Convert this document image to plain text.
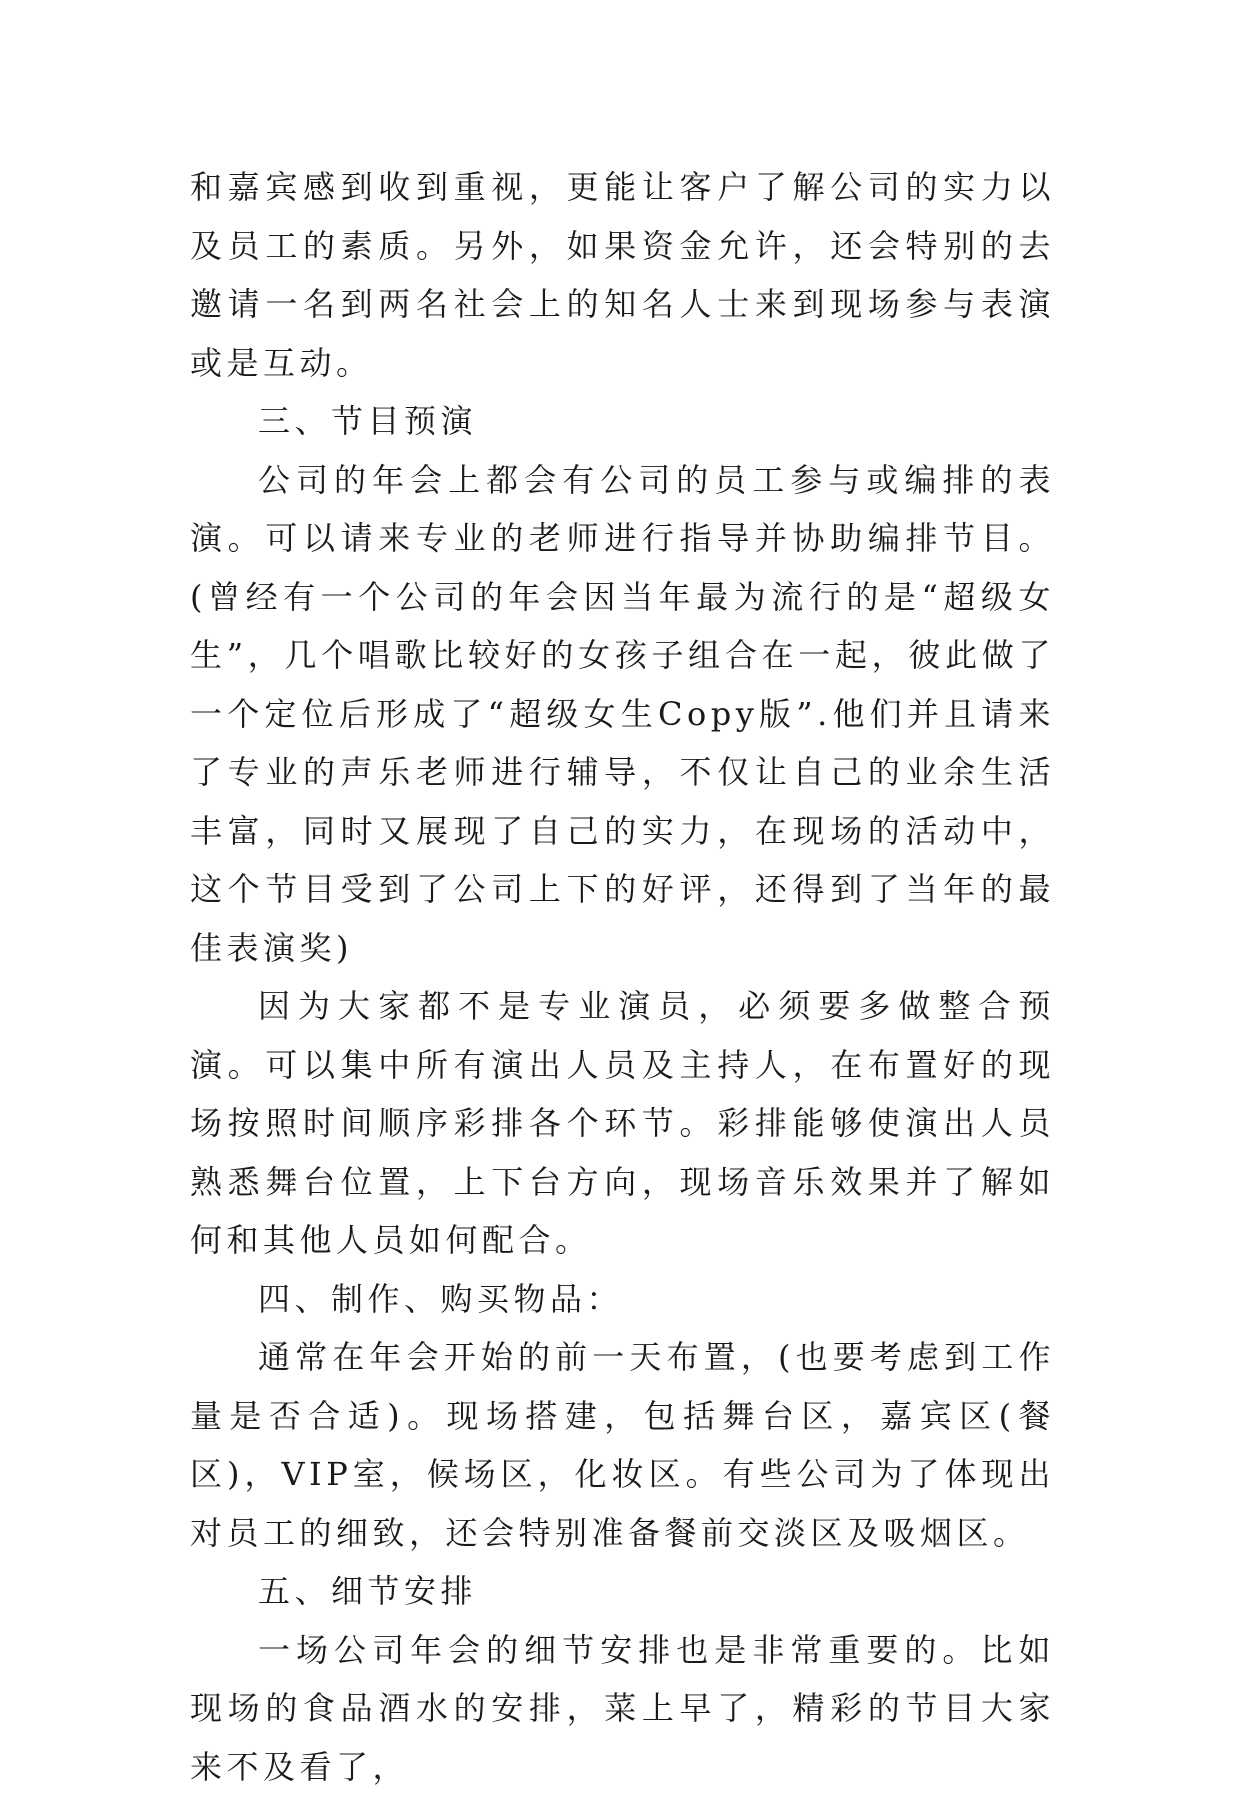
和嘉宾感到收到重视，更能让客户了解公司的实力以及员工的素质。另外，如果资金允许，还会特别的去邀请一名到两名社会上的知名人士来到现场参与表演或是互动。

三、节目预演

公司的年会上都会有公司的员工参与或编排的表演。可以请来专业的老师进行指导并协助编排节目。(曾经有一个公司的年会因当年最为流行的是“超级女生”，几个唱歌比较好的女孩子组合在一起，彼此做了一个定位后形成了“超级女生Copy版”.他们并且请来了专业的声乐老师进行辅导，不仅让自己的业余生活丰富，同时又展现了自己的实力，在现场的活动中，这个节目受到了公司上下的好评，还得到了当年的最佳表演奖)

因为大家都不是专业演员，必须要多做整合预演。可以集中所有演出人员及主持人，在布置好的现场按照时间顺序彩排各个环节。彩排能够使演出人员熟悉舞台位置，上下台方向，现场音乐效果并了解如何和其他人员如何配合。

四、制作、购买物品：

通常在年会开始的前一天布置，(也要考虑到工作量是否合适)。现场搭建，包括舞台区，嘉宾区(餐区)，VIP室，候场区，化妆区。有些公司为了体现出对员工的细致，还会特别准备餐前交淡区及吸烟区。

五、细节安排

一场公司年会的细节安排也是非常重要的。比如现场的食品酒水的安排，菜上早了，精彩的节目大家来不及看了，
